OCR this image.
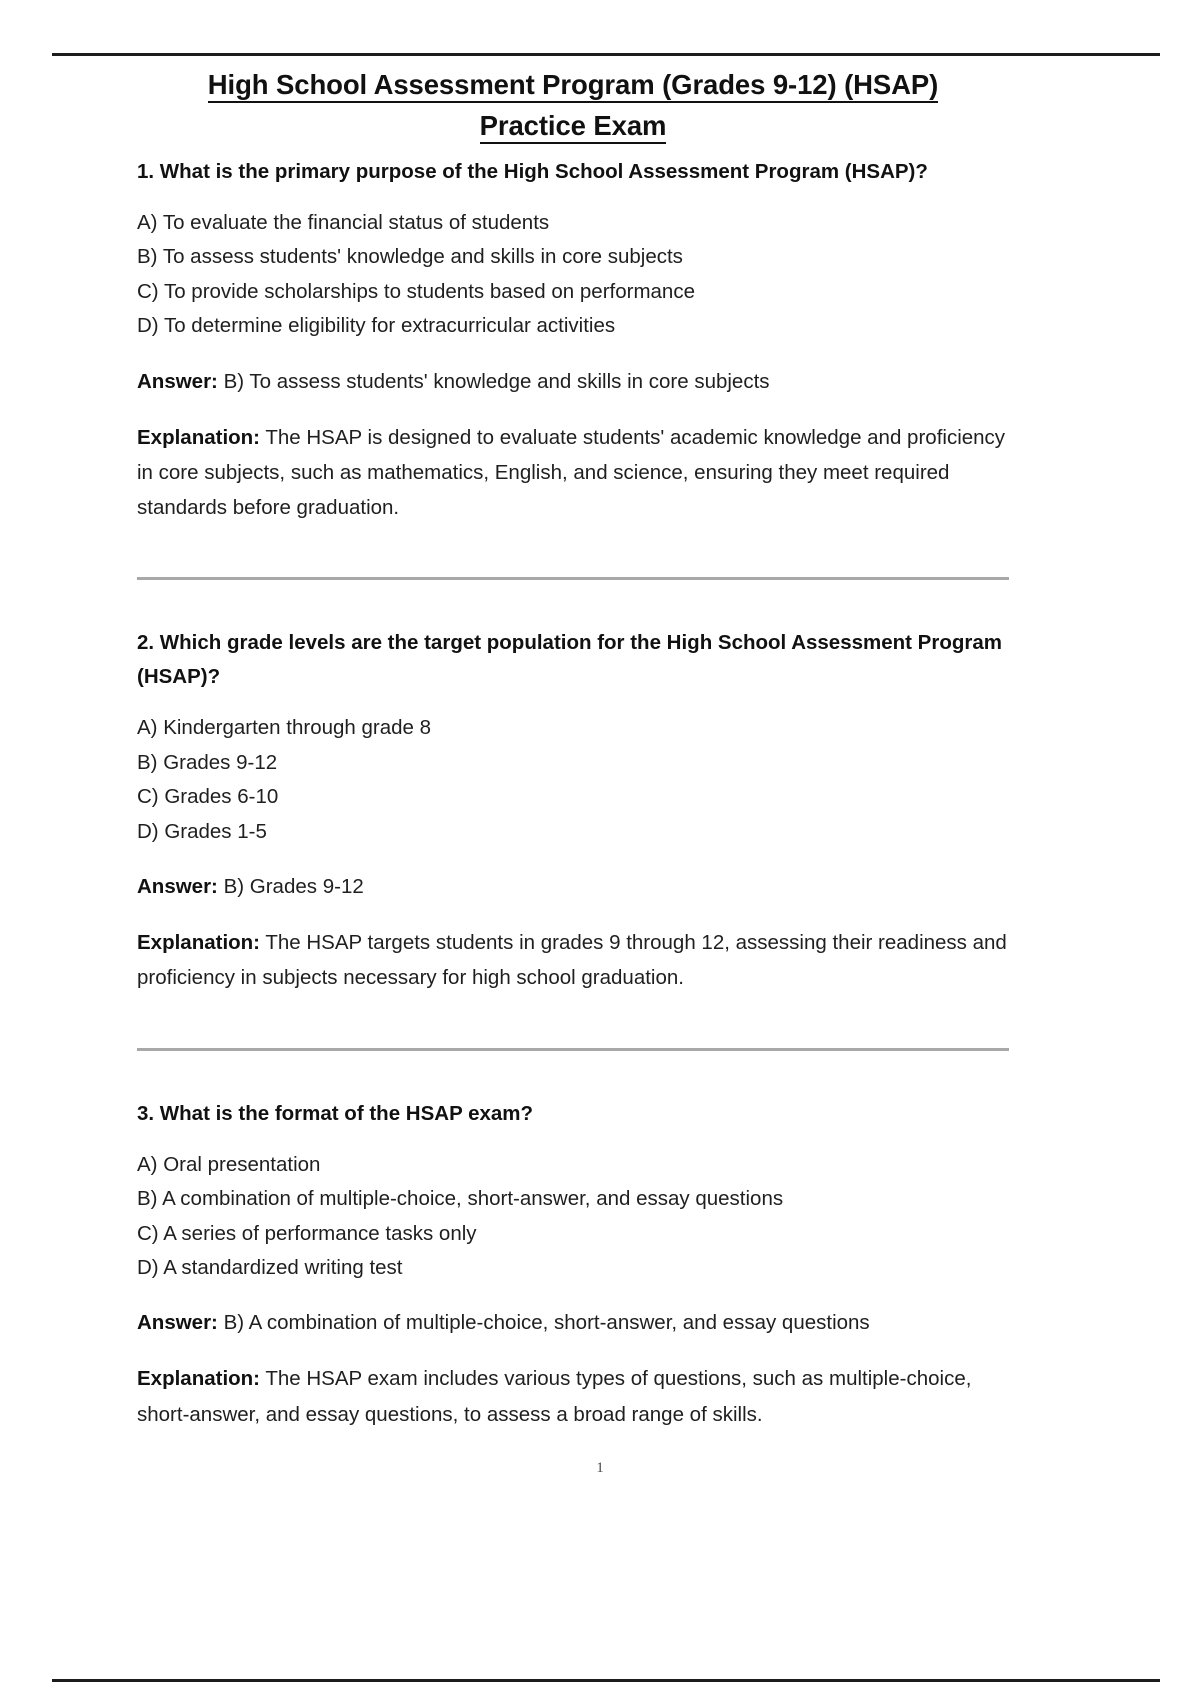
High School Assessment Program (Grades 9-12) (HSAP)
Practice Exam

1. What is the primary purpose of the High School Assessment Program (HSAP)?

A) To evaluate the financial status of students
B) To assess students' knowledge and skills in core subjects
C) To provide scholarships to students based on performance
D) To determine eligibility for extracurricular activities

Answer: B) To assess students' knowledge and skills in core subjects

Explanation: The HSAP is designed to evaluate students' academic knowledge and proficiency in core subjects, such as mathematics, English, and science, ensuring they meet required standards before graduation.

2. Which grade levels are the target population for the High School Assessment Program (HSAP)?

A) Kindergarten through grade 8
B) Grades 9-12
C) Grades 6-10
D) Grades 1-5

Answer: B) Grades 9-12

Explanation: The HSAP targets students in grades 9 through 12, assessing their readiness and proficiency in subjects necessary for high school graduation.

3. What is the format of the HSAP exam?

A) Oral presentation
B) A combination of multiple-choice, short-answer, and essay questions
C) A series of performance tasks only
D) A standardized writing test

Answer: B) A combination of multiple-choice, short-answer, and essay questions

Explanation: The HSAP exam includes various types of questions, such as multiple-choice, short-answer, and essay questions, to assess a broad range of skills.

1
